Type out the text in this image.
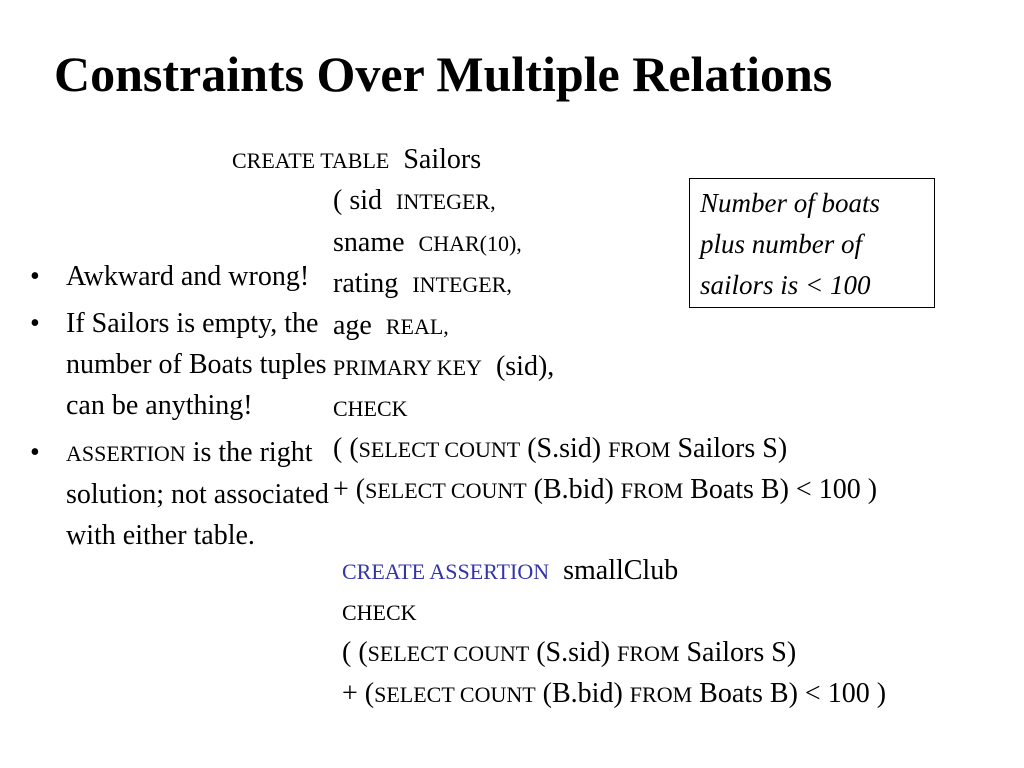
Constraints Over Multiple Relations
• Awkward and wrong!
• If Sailors is empty, the number of Boats tuples can be anything!
• ASSERTION is the right solution; not associated with either table.
Number of boats
plus number of
sailors is < 100
CREATE TABLE  Sailors
( sid  INTEGER,
sname  CHAR(10),
rating  INTEGER,
age  REAL,
PRIMARY KEY  (sid),
CHECK
( (SELECT COUNT (S.sid) FROM Sailors S)
+ (SELECT COUNT (B.bid) FROM Boats B) < 100 )
CREATE ASSERTION  smallClub
CHECK
( (SELECT COUNT (S.sid) FROM Sailors S)
+ (SELECT COUNT (B.bid) FROM Boats B) < 100 )
